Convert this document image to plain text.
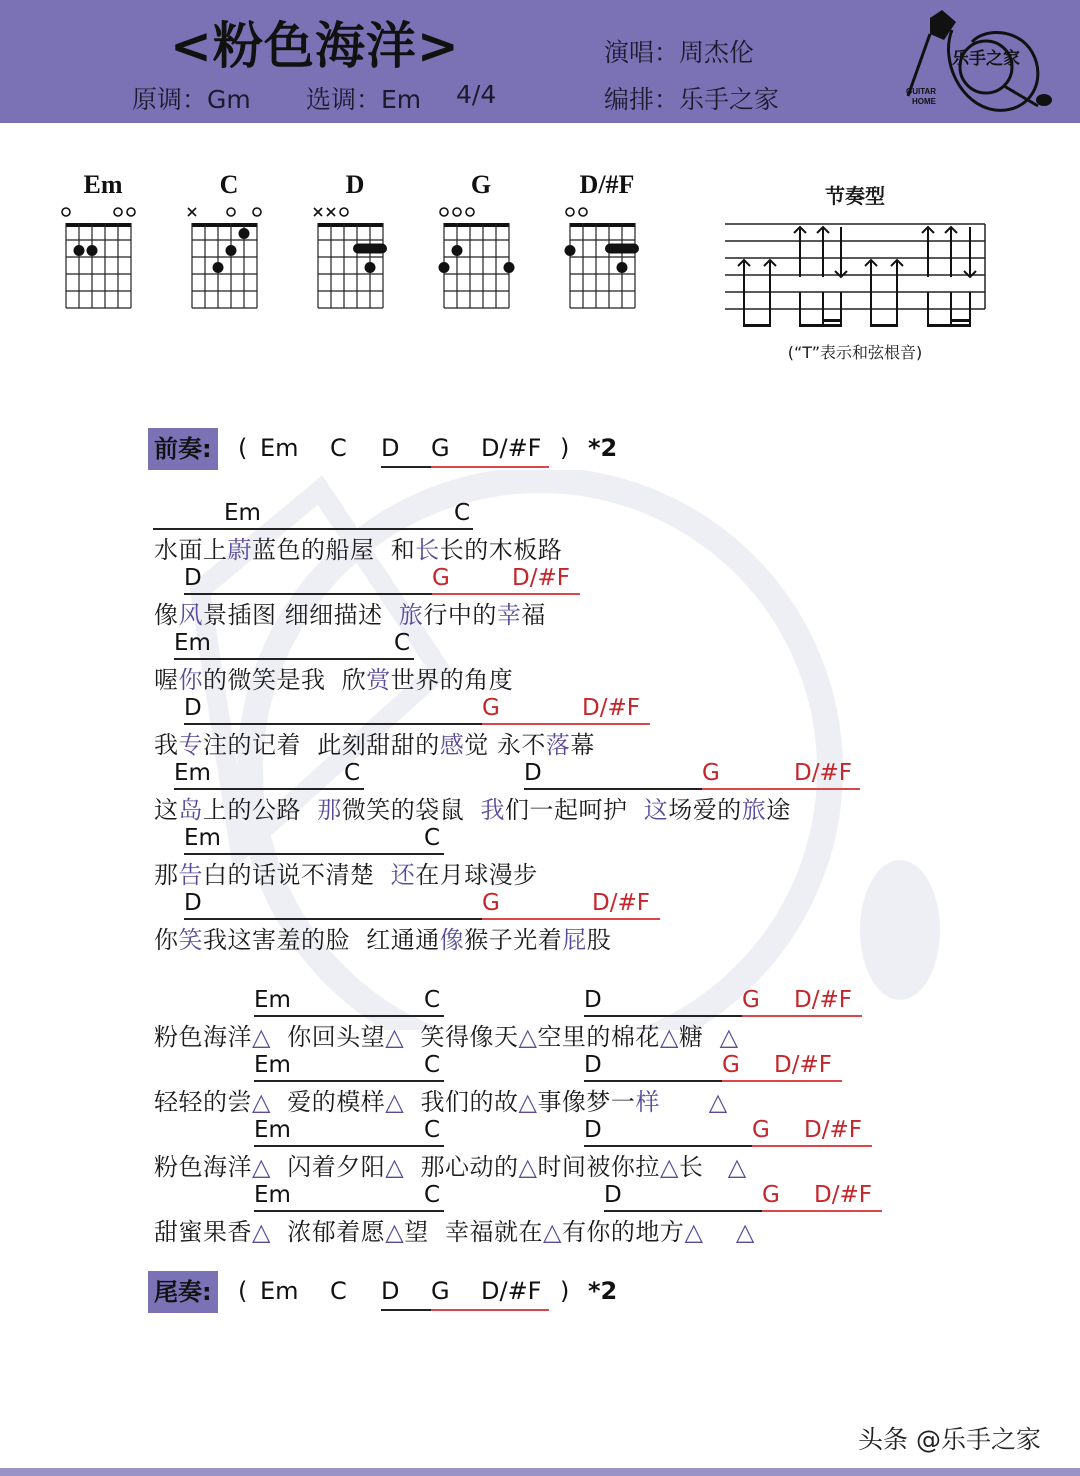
<粉色海洋>
原调：Gm 选调：Em 4/4
演唱：周杰伦
编排：乐手之家
乐手之家
GUITAR
HOME
Em	C	D	G	D/#F	节奏型
(“T”表示和弦根音)
前奏: ( Em C D G D/#F ) *2
Em	C
水面上蔚蓝色的船屋  和长长的木板路
D	G	D/#F
像风景插图 细细描述  旅行中的幸福
Em	C
喔你的微笑是我  欣赏世界的角度
D	G	D/#F
我专注的记着  此刻甜甜的感觉 永不落幕
Em	C	D	G	D/#F
这岛上的公路  那微笑的袋鼠  我们一起呵护  这场爱的旅途
Em	C
那告白的话说不清楚  还在月球漫步
D	G	D/#F
你笑我这害羞的脸  红通通像猴子光着屁股
Em	C	D	G D/#F
粉色海洋△  你回头望△  笑得像天△空里的棉花△糖  △
Em	C	D	G D/#F
轻轻的尝△  爱的模样△  我们的故△事像梦一样 △
Em	C	D	G D/#F
粉色海洋△  闪着夕阳△  那心动的△时间被你拉△长   △
Em	C	D	G D/#F
甜蜜果香△  浓郁着愿△望  幸福就在△有你的地方△ △
尾奏: ( Em C D G D/#F ) *2
头条 @乐手之家
